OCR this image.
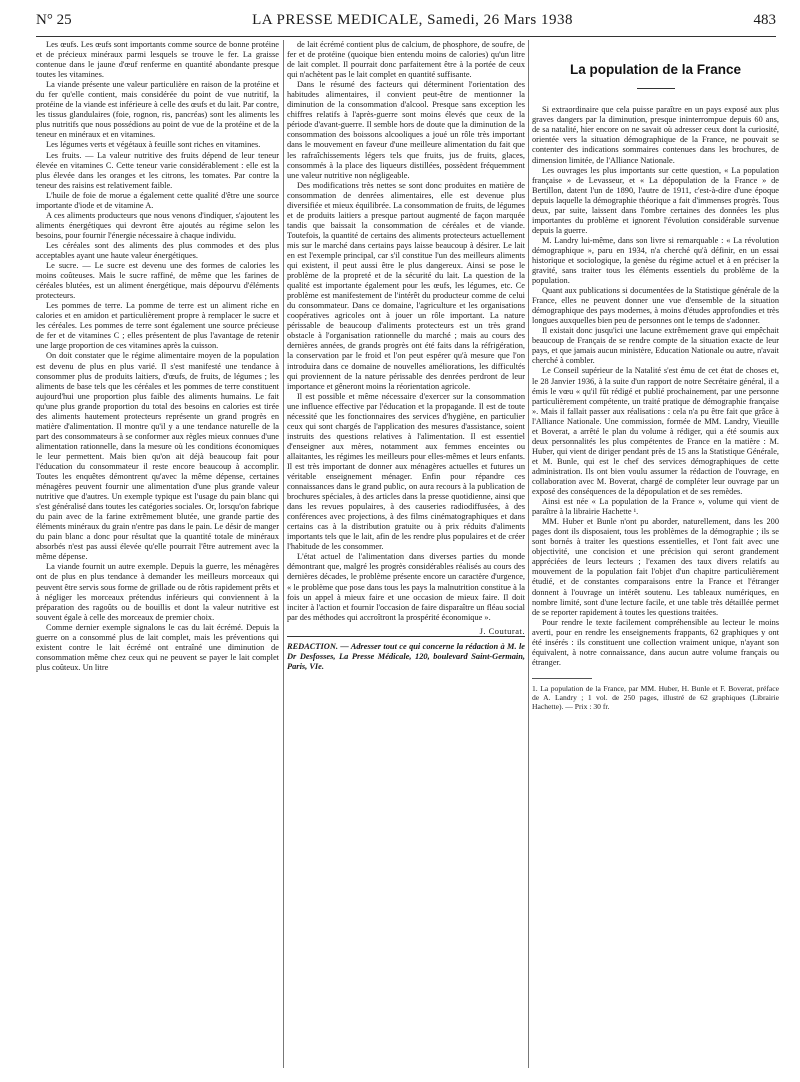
N° 25	LA PRESSE MEDICALE, Samedi, 26 Mars 1938	483

Les œufs. Les œufs sont importants comme source de bonne protéine et de précieux minéraux parmi lesquels se trouve le fer. La graisse contenue dans le jaune d'œuf renferme en quantité abondante presque toutes les vitamines.

La viande présente une valeur particulière en raison de la protéine et du fer qu'elle contient, mais considérée du point de vue nutritif, la protéine de la viande est inférieure à celle des œufs et du lait. Par contre, les tissus glandulaires (foie, rognon, ris, pancréas) sont les aliments les plus nutritifs que nous possédions au point de vue de la protéine et de la teneur en minéraux et en vitamines.

Les légumes verts et végétaux à feuille sont riches en vitamines.

Les fruits. — La valeur nutritive des fruits dépend de leur teneur élevée en vitamines C. Cette teneur varie considérablement : elle est la plus élevée dans les oranges et les citrons, les tomates. Par contre la teneur des raisins est relativement faible.

L'huile de foie de morue a également cette qualité d'être une source importante d'iode et de vitamine A.

A ces aliments producteurs que nous venons d'indiquer, s'ajoutent les aliments énergétiques qui devront être ajoutés au régime selon les besoins, pour fournir l'énergie nécessaire à chaque individu.

Les céréales sont des aliments des plus commodes et des plus acceptables ayant une haute valeur énergétiques.

Le sucre. — Le sucre est devenu une des formes de calories les moins coûteuses. Mais le sucre raffiné, de même que les farines de céréales blutées, est un aliment énergétique, mais dépourvu d'éléments protecteurs.

Les pommes de terre. La pomme de terre est un aliment riche en calories et en amidon et particulièrement propre à remplacer le sucre et les céréales. Les pommes de terre sont également une source précieuse de fer et de vitamines C ; elles présentent de plus l'avantage de retenir une large proportion de ces vitamines après la cuisson.

On doit constater que le régime alimentaire moyen de la population est devenu de plus en plus varié. Il s'est manifesté une tendance à consommer plus de produits laitiers, d'œufs, de fruits, de légumes ; les aliments de base tels que les céréales et les pommes de terre constituent aujourd'hui une proportion plus faible des aliments humains. Le fait qu'une plus grande proportion du total des besoins en calories est tirée des aliments hautement protecteurs représente un grand progrès en matière d'alimentation. Il montre qu'il y a une tendance naturelle de la part des consommateurs à se conformer aux règles mieux connues d'une alimentation rationnelle, dans la mesure où les conditions économiques le leur permettent. Mais bien qu'on ait déjà beaucoup fait pour l'éducation du consommateur il reste encore beaucoup à accomplir. Toutes les enquêtes démontrent qu'avec la même dépense, certaines ménagères peuvent fournir une alimentation d'une plus grande valeur nutritive que d'autres. Un exemple typique est l'usage du pain blanc qui s'est généralisé dans toutes les catégories sociales. Or, lorsqu'on fabrique du pain avec de la farine extrêmement blutée, une grande partie des éléments minéraux du grain n'entre pas dans le pain. Le désir de manger du pain blanc a donc pour résultat que la quantité totale de minéraux absorbés n'est pas aussi élevée qu'elle pourrait l'être autrement avec la même dépense.

La viande fournit un autre exemple. Depuis la guerre, les ménagères ont de plus en plus tendance à demander les meilleurs morceaux qui peuvent être servis sous forme de grillade ou de rôtis rapidement prêts et à négliger les morceaux prétendus inférieurs qui conviennent à la préparation des ragoûts ou de bouillis et dont la valeur nutritive est souvent égale à celle des morceaux de premier choix.

Comme dernier exemple signalons le cas du lait écrémé. Depuis la guerre on a consommé plus de lait complet, mais les préventions qui existent contre le lait écrémé ont entraîné une diminution de consommation même chez ceux qui ne peuvent se payer le lait complet plus coûteux. Un litre

de lait écrémé contient plus de calcium, de phosphore, de soufre, de fer et de protéine (quoique bien entendu moins de calories) qu'un litre de lait complet. Il pourrait donc parfaitement être à la portée de ceux qui n'achètent pas le lait complet en quantité suffisante.

Dans le résumé des facteurs qui déterminent l'orientation des habitudes alimentaires, il convient peut-être de mentionner la diminution de la consommation d'alcool. Presque sans exception les chiffres relatifs à l'après-guerre sont moins élevés que ceux de la période d'avant-guerre. Il semble hors de doute que la diminution de la consommation des boissons alcooliques a joué un rôle très important dans le mouvement en faveur d'une meilleure alimentation du fait que les rafraîchissements légers tels que fruits, jus de fruits, glaces, consommés à la place des liqueurs distillées, possèdent fréquemment une valeur nutritive non négligeable.

Des modifications très nettes se sont donc produites en matière de consommation de denrées alimentaires, elle est devenue plus diversifiée et mieux équilibrée. La consommation de fruits, de légumes et de produits laitiers a presque partout augmenté de façon marquée tandis que baissait la consommation de céréales et de viande. Toutefois, la quantité de certains des aliments protecteurs actuellement mis sur le marché dans certains pays laisse beaucoup à désirer. Le lait en est l'exemple principal, car s'il constitue l'un des meilleurs aliments qui existent, il peut aussi être le plus dangereux. Ainsi se pose le problème de la propreté et de la sécurité du lait. La question de la qualité est importante également pour les œufs, les légumes, etc. Ce problème est manifestement de l'intérêt du producteur comme de celui du consommateur. Dans ce domaine, l'agriculture et les organisations coopératives agricoles ont à jouer un rôle important. La nature périssable de beaucoup d'aliments protecteurs est un très grand obstacle à l'organisation rationnelle du marché ; mais au cours des dernières années, de grands progrès ont été faits dans la réfrigération, la conservation par le froid et l'on peut espérer qu'à mesure que l'on introduira dans ce domaine de nouvelles améliorations, les difficultés qui proviennent de la nature périssable des denrées perdront de leur importance et gêneront moins la réorientation agricole.

Il est possible et même nécessaire d'exercer sur la consommation une influence effective par l'éducation et la propagande. Il est de toute nécessité que les fonctionnaires des services d'hygiène, en particulier ceux qui sont chargés de l'application des mesures d'assistance, soient instruits des questions relatives à l'alimentation. Il est essentiel d'enseigner aux mères, notamment aux femmes enceintes ou allaitantes, les régimes les meilleurs pour elles-mêmes et leurs enfants. Il est très important de donner aux ménagères actuelles et futures un véritable enseignement ménager. Enfin pour répandre ces connaissances dans le grand public, on aura recours à la publication de brochures spéciales, à des articles dans la presse quotidienne, ainsi que dans les revues populaires, à des causeries radiodiffusées, à des conférences avec projections, à des films cinématographiques et dans certains cas à la distribution gratuite ou à prix réduits d'aliments importants tels que le lait, afin de les rendre plus populaires et de créer l'habitude de les consommer.

L'état actuel de l'alimentation dans diverses parties du monde démontrant que, malgré les progrès considérables réalisés au cours des dernières décades, le problème présente encore un caractère d'urgence, « le problème que pose dans tous les pays la malnutrition constitue à la fois un appel à mieux faire et une occasion de mieux faire. Il doit inciter à l'action et fournir l'occasion de faire disparaître un fléau social par des méthodes qui accroîtront la prospérité économique ».

J. Couturat.

REDACTION. — Adresser tout ce qui concerne la rédaction à M. le Dr Desfosses, La Presse Médicale, 120, boulevard Saint-Germain, Paris, VIe.

La population de la France

Si extraordinaire que cela puisse paraître en un pays exposé aux plus graves dangers par la diminution, presque ininterrompue depuis 60 ans, de sa natalité, hier encore on ne savait où adresser ceux dont la curiosité, orientée vers la situation démographique de la France, ne pouvait se contenter des indications sommaires contenues dans les brochures, de dimension limitée, de l'Alliance Nationale.

Les ouvrages les plus importants sur cette question, « La population française » de Levasseur, et « La dépopulation de la France » de Bertillon, datent l'un de 1890, l'autre de 1911, c'est-à-dire d'une époque depuis laquelle la démographie théorique a fait d'immenses progrès. Tous deux, par suite, laissent dans l'ombre certaines des données les plus importantes du problème et ignorent l'évolution considérable survenue depuis la guerre.

M. Landry lui-même, dans son livre si remarquable : « La révolution démographique », paru en 1934, n'a cherché qu'à définir, en un essai historique et sociologique, la genèse du régime actuel et à en préciser la gravité, sans traiter tous les éléments essentiels du problème de la population.

Quant aux publications si documentées de la Statistique générale de la France, elles ne peuvent donner une vue d'ensemble de la situation démographique des pays modernes, à moins d'études approfondies et très longues auxquelles bien peu de personnes ont le temps de s'adonner.

Il existait donc jusqu'ici une lacune extrêmement grave qui empêchait beaucoup de Français de se rendre compte de la situation exacte de leur pays, et que jamais aucun ministère, Education Nationale ou autre, n'avait cherché à combler.

Le Conseil supérieur de la Natalité s'est ému de cet état de choses et, le 28 Janvier 1936, à la suite d'un rapport de notre Secrétaire général, il a émis le vœu « qu'il fût rédigé et publié prochainement, par une personne particulièrement compétente, un traité pratique de démographie française ». Mais il fallait passer aux réalisations : cela n'a pu être fait que grâce à l'Alliance Nationale. Une commission, formée de MM. Landry, Vieuille et Boverat, a arrêté le plan du volume à rédiger, qui a été soumis aux deux personnalités les plus compétentes de France en la matière : M. Huber, qui vient de diriger pendant près de 15 ans la Statistique Générale, et M. Bunle, qui est le chef des services démographiques de cette administration. Ils ont bien voulu assumer la rédaction de l'ouvrage, en collaboration avec M. Boverat, chargé de compléter leur ouvrage par un exposé des conséquences de la dépopulation et de ses remèdes.

Ainsi est née « La population de la France », volume qui vient de paraître à la librairie Hachette ¹.

MM. Huber et Bunle n'ont pu aborder, naturellement, dans les 200 pages dont ils disposaient, tous les problèmes de la démographie ; ils se sont bornés à traiter les questions essentielles, et l'ont fait avec une objectivité, une concision et une précision qui seront grandement appréciées de leurs lecteurs ; l'examen des taux divers relatifs au mouvement de la population fait l'objet d'un chapitre particulièrement étudié, et de constantes comparaisons entre la France et l'étranger donnent à l'ouvrage un intérêt soutenu. Les tableaux numériques, en nombre limité, sont d'une lecture facile, et une table très détaillée permet de se reporter rapidement à toutes les questions traitées.

Pour rendre le texte facilement compréhensible au lecteur le moins averti, pour en rendre les enseignements frappants, 62 graphiques y ont été insérés : ils constituent une collection vraiment unique, n'ayant son équivalent, à notre connaissance, dans aucun autre volume français ou étranger.

1. La population de la France, par MM. Huber, H. Bunle et F. Boverat, préface de A. Landry ; 1 vol. de 250 pages, illustré de 62 graphiques (Librairie Hachette). — Prix : 30 fr.
